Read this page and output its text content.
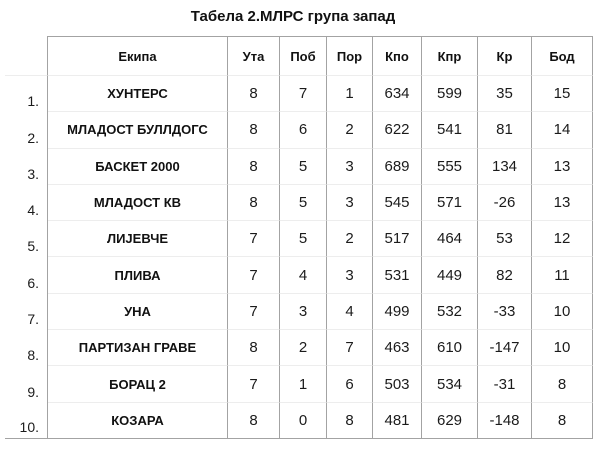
Табела 2.МЛРС група запад
	Екипа	Ута	Поб	Пор	Кпо	Кпр	Кр	Бод
1.	ХУНТЕРС	8	7	1	634	599	35	15
2.	МЛАДОСТ БУЛЛДОГС	8	6	2	622	541	81	14
3.	БАСКЕТ 2000	8	5	3	689	555	134	13
4.	МЛАДОСТ КВ	8	5	3	545	571	-26	13
5.	ЛИЈЕВЧЕ	7	5	2	517	464	53	12
6.	ПЛИВА	7	4	3	531	449	82	11
7.	УНА	7	3	4	499	532	-33	10
8.	ПАРТИЗАН ГРАВЕ	8	2	7	463	610	-147	10
9.	БОРАЦ 2	7	1	6	503	534	-31	8
10.	КОЗАРА	8	0	8	481	629	-148	8
